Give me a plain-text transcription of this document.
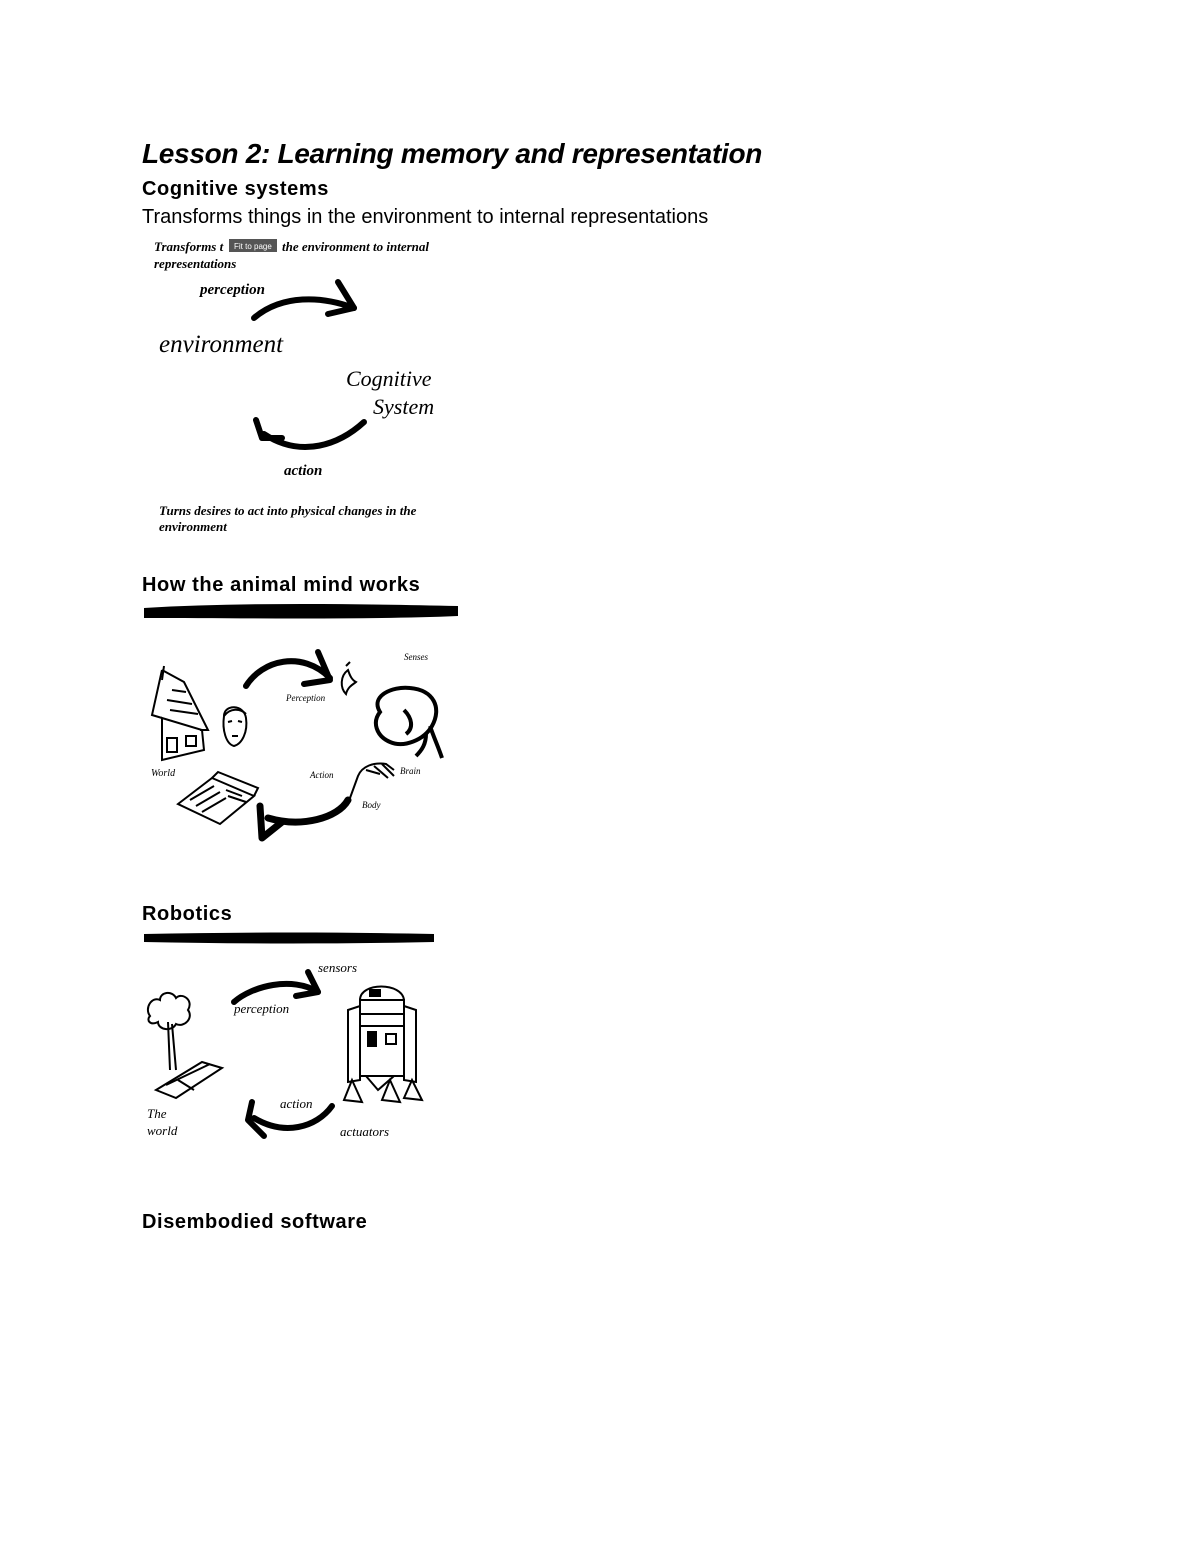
Lesson 2: Learning memory and representation
Cognitive systems

Transforms things in the environment to internal representations

Transforms t Fit to page the environment to internal
representations
perception
environment
Cognitive
System
action
Turns desires to act into physical changes in the
environment
How the animal mind works
World
Perception
Senses
Brain
Action
Body
Robotics
sensors
perception
The
world	actuators
action
Disembodied software
